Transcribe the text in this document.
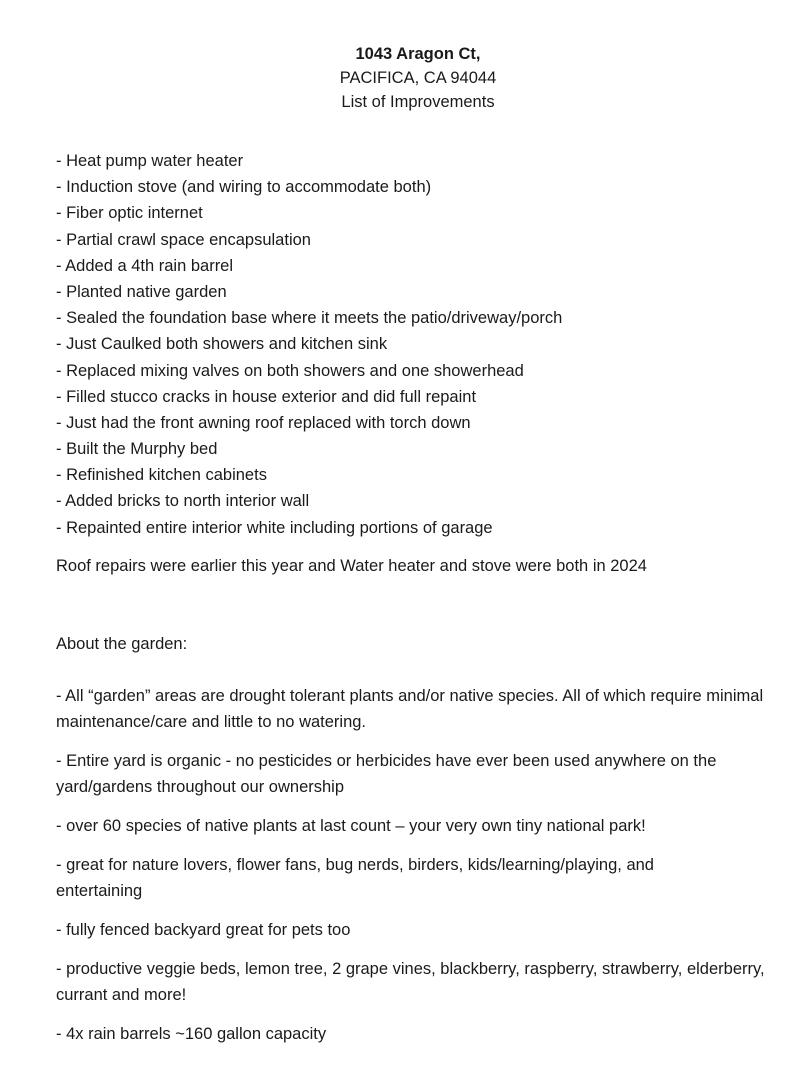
1043 Aragon Ct,
PACIFICA, CA 94044
List of Improvements
- Heat pump water heater
- Induction stove (and wiring to accommodate both)
- Fiber optic internet
- Partial crawl space encapsulation
- Added a 4th rain barrel
- Planted native garden
- Sealed the foundation base where it meets the patio/driveway/porch
- Just Caulked both showers and kitchen sink
- Replaced mixing valves on both showers and one showerhead
- Filled stucco cracks in house exterior and did full repaint
- Just had the front awning roof replaced with torch down
- Built the Murphy bed
- Refinished kitchen cabinets
- Added bricks to north interior wall
- Repainted entire interior white including portions of garage

Roof repairs were earlier this year and Water heater and stove were both in 2024

About the garden:

- All “garden” areas are drought tolerant plants and/or native species. All of which require minimal maintenance/care and little to no watering.
- Entire yard is organic - no pesticides or herbicides have ever been used anywhere on the yard/gardens throughout our ownership
- over 60 species of native plants at last count – your very own tiny national park!
- great for nature lovers, flower fans, bug nerds, birders, kids/learning/playing, and entertaining
- fully fenced backyard great for pets too
- productive veggie beds, lemon tree, 2 grape vines, blackberry, raspberry, strawberry, elderberry, currant and more!
- 4x rain barrels ~160 gallon capacity
